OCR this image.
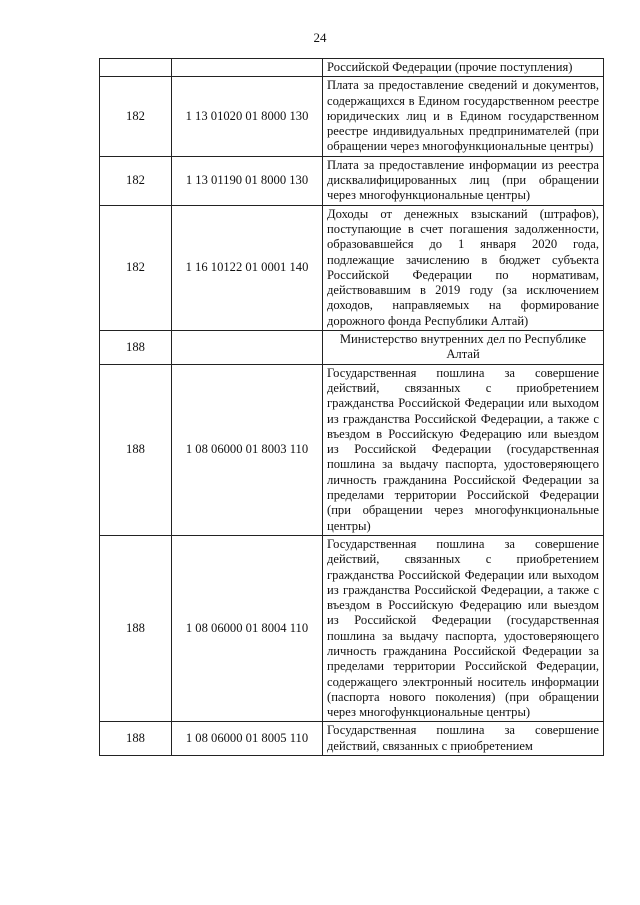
24
		Российской Федерации (прочие поступления)
182	1 13 01020 01 8000 130	Плата за предоставление сведений и документов, содержащихся в Едином государственном реестре юридических лиц и в Едином государственном реестре индивидуальных предпринимателей (при обращении через многофункциональные центры)
182	1 13 01190 01 8000 130	Плата за предоставление информации из реестра дисквалифицированных лиц (при обращении через многофункциональные центры)
182	1 16 10122 01 0001 140	Доходы от денежных взысканий (штрафов), поступающие в счет погашения задолженности, образовавшейся до 1 января 2020 года, подлежащие зачислению в бюджет субъекта Российской Федерации по нормативам, действовавшим в 2019 году (за исключением доходов, направляемых на формирование дорожного фонда Республики Алтай)
188		Министерство внутренних дел по Республике Алтай
188	1 08 06000 01 8003 110	Государственная пошлина за совершение действий, связанных с приобретением гражданства Российской Федерации или выходом из гражданства Российской Федерации, а также с въездом в Российскую Федерацию или выездом из Российской Федерации (государственная пошлина за выдачу паспорта, удостоверяющего личность гражданина Российской Федерации за пределами территории Российской Федерации (при обращении через многофункциональные центры)
188	1 08 06000 01 8004 110	Государственная пошлина за совершение действий, связанных с приобретением гражданства Российской Федерации или выходом из гражданства Российской Федерации, а также с въездом в Российскую Федерацию или выездом из Российской Федерации (государственная пошлина за выдачу паспорта, удостоверяющего личность гражданина Российской Федерации за пределами территории Российской Федерации, содержащего электронный носитель информации (паспорта нового поколения) (при обращении через многофункциональные центры)
188	1 08 06000 01 8005 110	Государственная пошлина за совершение действий, связанных с приобретением
